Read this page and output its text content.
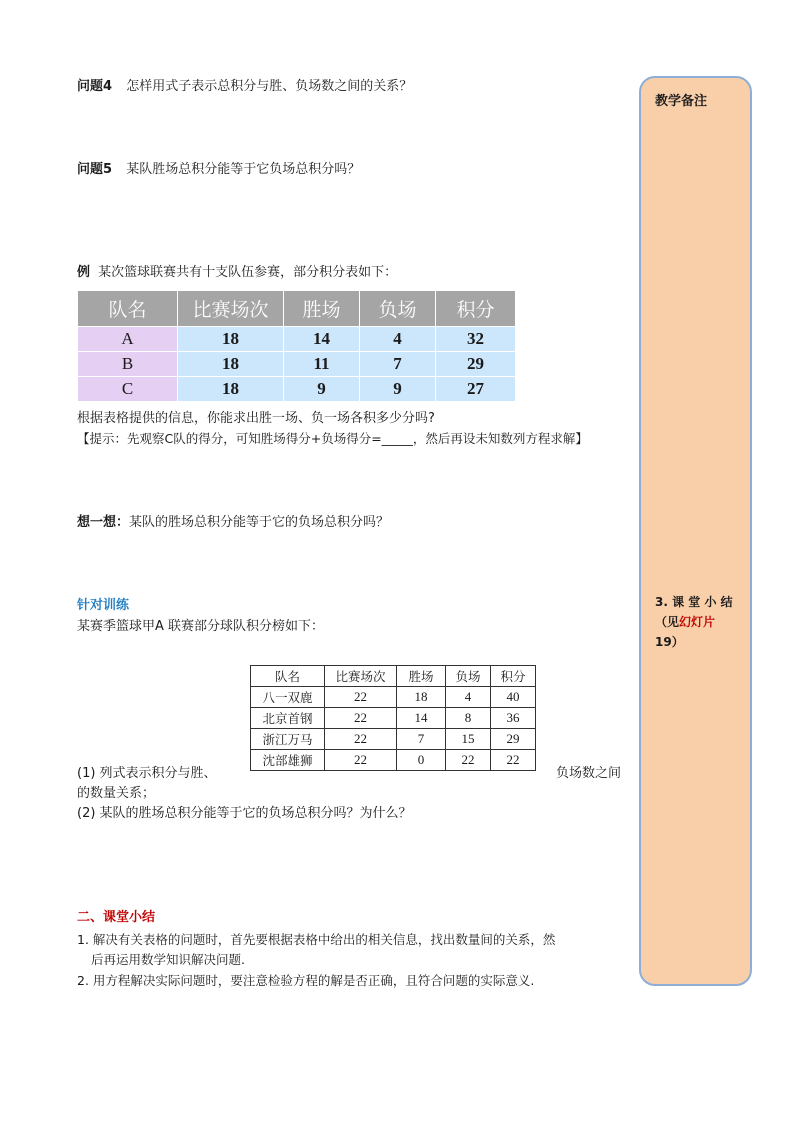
问题4 怎样用式子表示总积分与胜、负场数之间的关系？
问题5 某队胜场总积分能等于它负场总积分吗？
例 某次篮球联赛共有十支队伍参赛，部分积分表如下：
队名	比赛场次	胜场	负场	积分
A	18	14	4	32
B	18	11	7	29
C	18	9	9	27
根据表格提供的信息，你能求出胜一场、负一场各积多少分吗?
【提示：先观察C队的得分，可知胜场得分+负场得分=_____，然后再设未知数列方程求解】
想一想：某队的胜场总积分能等于它的负场总积分吗？
针对训练
某赛季篮球甲A 联赛部分球队积分榜如下：
队名	比赛场次	胜场	负场	积分
八一双鹿	22	18	4	40
北京首钢	22	14	8	36
浙江万马	22	7	15	29
沈部雄狮	22	0	22	22
(1) 列式表示积分与胜、	负场数之间
的数量关系；
(2) 某队的胜场总积分能等于它的负场总积分吗？为什么？
二、课堂小结
1. 解决有关表格的问题时，首先要根据表格中给出的相关信息，找出数量间的关系，然
后再运用数学知识解决问题.
2. 用方程解决实际问题时，要注意检验方程的解是否正确，且符合问题的实际意义.
教学备注
3. 课 堂 小 结
（见幻灯片
19）
